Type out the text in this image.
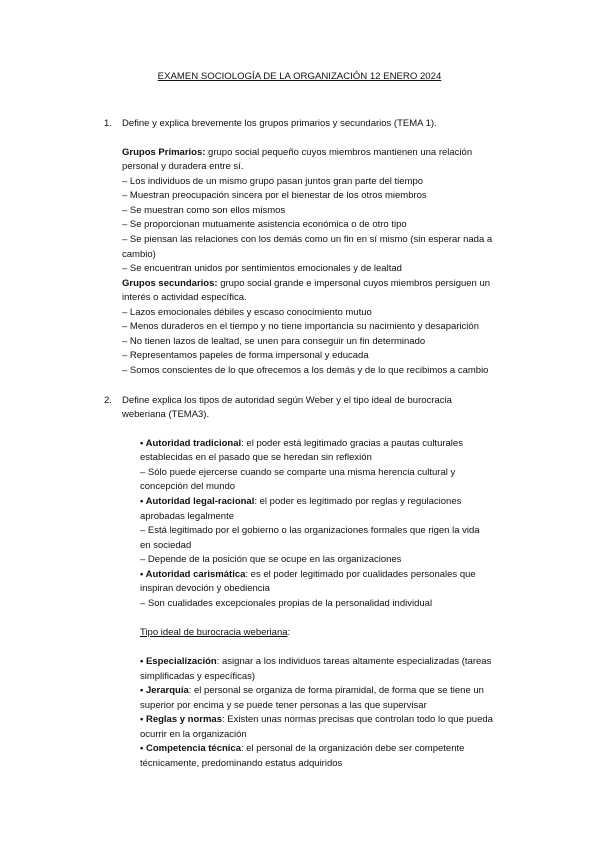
EXAMEN SOCIOLOGÍA DE LA ORGANIZACIÓN 12 ENERO 2024
1. Define y explica brevemente los grupos primarios y secundarios (TEMA 1).
Grupos Primarios: grupo social pequeño cuyos miembros mantienen una relación
personal y duradera entre sí.
– Los individuos de un mismo grupo pasan juntos gran parte del tiempo
– Muestran preocupación sincera por el bienestar de los otros miembros
– Se muestran como son ellos mismos
– Se proporcionan mutuamente asistencia económica o de otro tipo
– Se piensan las relaciones con los demás como un fin en sí mismo (sin esperar nada a
cambio)
– Se encuentran unidos por sentimientos emocionales y de lealtad
Grupos secundarios: grupo social grande e impersonal cuyos miembros persiguen un
interés o actividad específica.
– Lazos emocionales débiles y escaso conocimiento mutuo
– Menos duraderos en el tiempo y no tiene importancia su nacimiento y desaparición
– No tienen lazos de lealtad, se unen para conseguir un fin determinado
– Representamos papeles de forma impersonal y educada
– Somos conscientes de lo que ofrecemos a los demás y de lo que recibimos a cambio
2. Define explica los tipos de autoridad según Weber y el tipo ideal de burocracia
weberiana (TEMA3).
• Autoridad tradicional: el poder está legitimado gracias a pautas culturales
establecidas en el pasado que se heredan sin reflexión
– Sólo puede ejercerse cuando se comparte una misma herencia cultural y
concepción del mundo
• Autoridad legal-racional: el poder es legitimado por reglas y regulaciones
aprobadas legalmente
– Está legitimado por el gobierno o las organizaciones formales que rigen la vida
en sociedad
– Depende de la posición que se ocupe en las organizaciones
• Autoridad carismática: es el poder legitimado por cualidades personales que
inspiran devoción y obediencia
– Son cualidades excepcionales propias de la personalidad individual
Tipo ideal de burocracia weberiana:
• Especialización: asignar a los individuos tareas altamente especializadas (tareas
simplificadas y específicas)
• Jerarquía: el personal se organiza de forma piramidal, de forma que se tiene un
superior por encima y se puede tener personas a las que supervisar
• Reglas y normas: Existen unas normas precisas que controlan todo lo que pueda
ocurrir en la organización
• Competencia técnica: el personal de la organización debe ser competente
técnicamente, predominando estatus adquiridos
